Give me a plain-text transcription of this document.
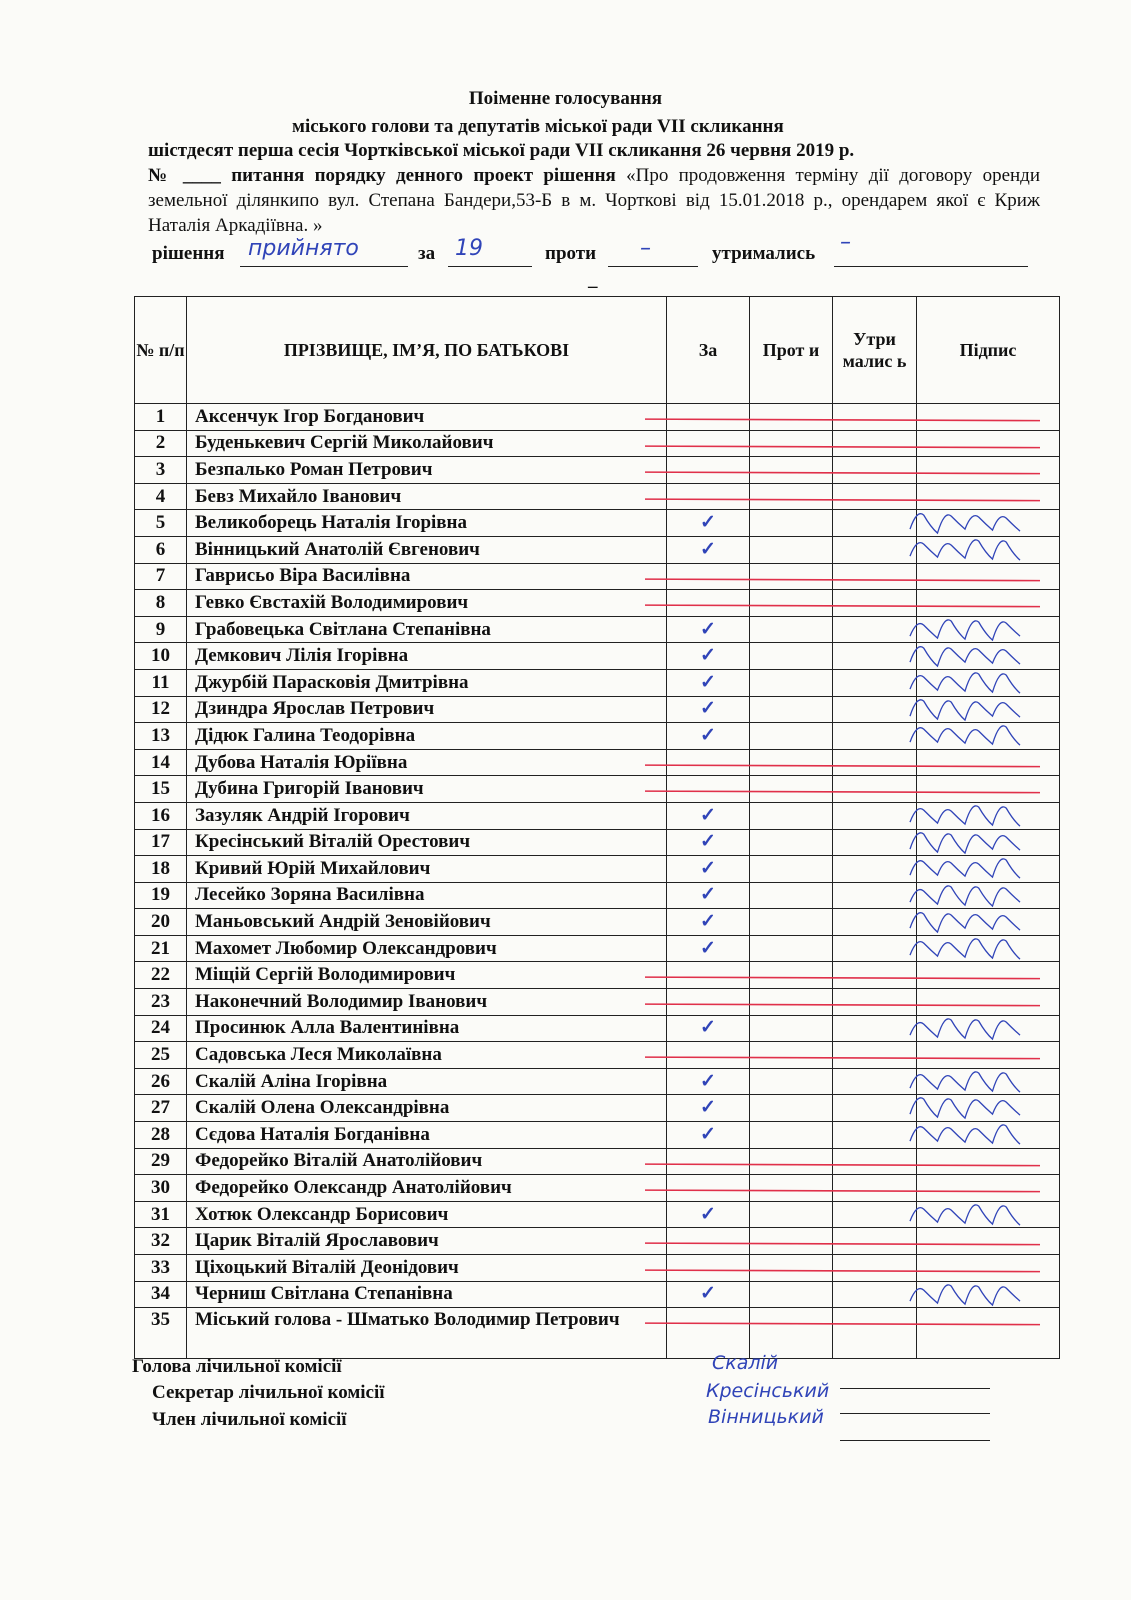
Поіменне голосування
міського голови та депутатів міської ради VІІ скликання
шістдесят перша сесія Чортківської міської ради VІІ скликання 26 червня 2019 р.
№ ____ питання порядку денного проект рішення «Про продовження терміну дії договору оренди земельної ділянкипо вул. Степана Бандери,53-Б в м. Чорткові від 15.01.2018 р., орендарем якої є Криж Наталія Аркадіївна. »
рішення прийнято	за 19	проти –	утримались –
–
№ п/п	ПРІЗВИЩЕ, ІМ’Я, ПО БАТЬКОВІ	За	Прот и	Утри малис ь	Підпис
1	Аксенчук Ігор Богданович				
2	Буденькевич Сергій Миколайович				
3	Безпалько Роман Петрович				
4	Бевз Михайло Іванович				
5	Великоборець Наталія Ігорівна	✓			
6	Вінницький Анатолій Євгенович	✓			
7	Гаврисьо Віра Василівна				
8	Гевко Євстахій Володимирович				
9	Грабовецька Світлана Степанівна	✓			
10	Демкович Лілія Ігорівна	✓			
11	Джурбій Парасковія Дмитрівна	✓			
12	Дзиндра Ярослав Петрович	✓			
13	Дідюк Галина Теодорівна	✓			
14	Дубова Наталія Юріївна				
15	Дубина Григорій Іванович				
16	Зазуляк Андрій Ігорович	✓			
17	Кресінський Віталій Орестович	✓			
18	Кривий Юрій Михайлович	✓			
19	Лесейко Зоряна Василівна	✓			
20	Маньовський Андрій Зеновійович	✓			
21	Махомет Любомир Олександрович	✓			
22	Міщій Сергій Володимирович				
23	Наконечний Володимир Іванович				
24	Просинюк Алла Валентинівна	✓			
25	Садовська Леся Миколаївна				
26	Скалій Аліна Ігорівна	✓			
27	Скалій Олена Олександрівна	✓			
28	Сєдова Наталія Богданівна	✓			
29	Федорейко Віталій Анатолійович				
30	Федорейко Олександр Анатолійович				
31	Хотюк Олександр Борисович	✓			
32	Царик Віталій Ярославович				
33	Ціхоцький Віталій Деонідович				
34	Черниш Світлана Степанівна	✓			
35	Міський голова - Шматько Володимир Петрович				
Голова лічильної комісії
Секретар лічильної комісії
Член лічильної комісії
Скалій
Кресінський
Вінницький
